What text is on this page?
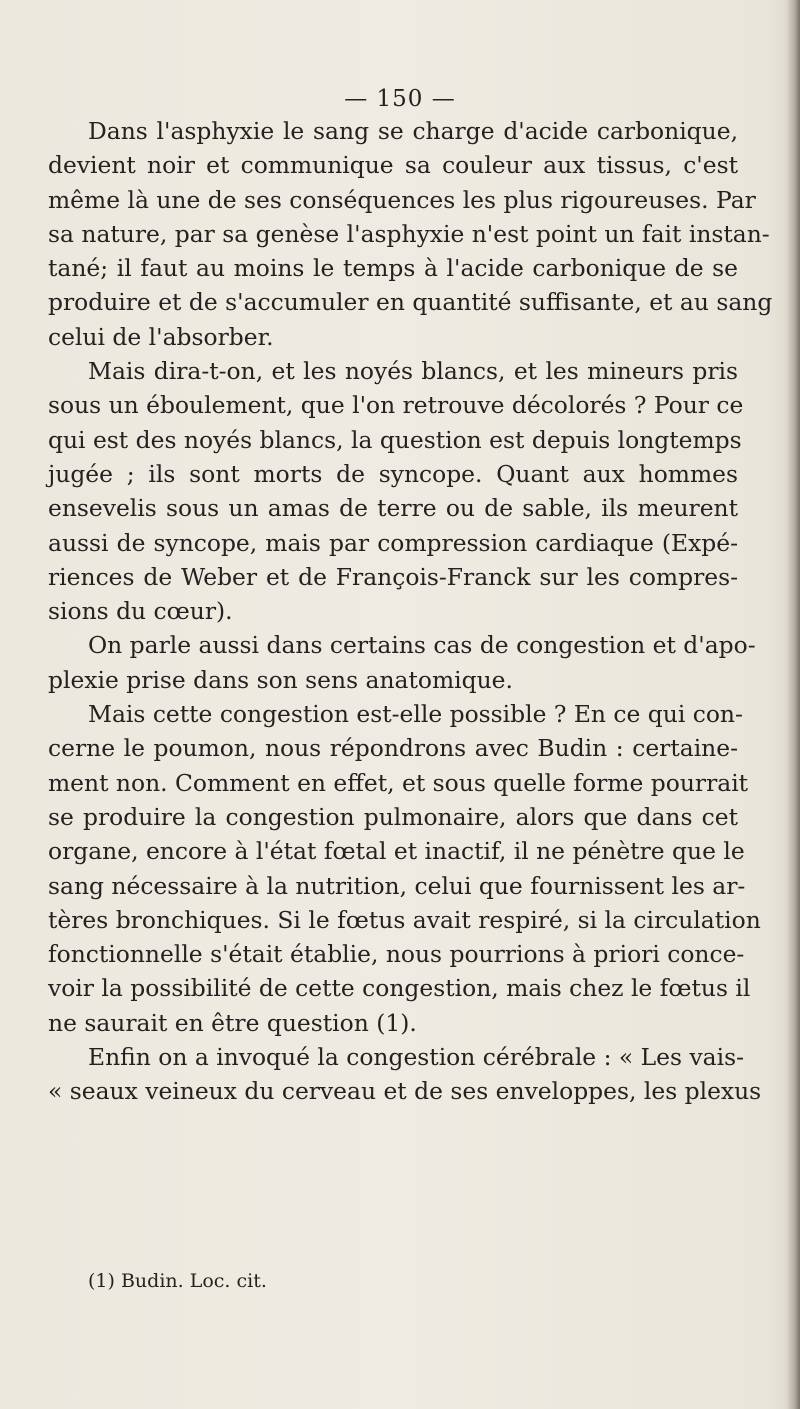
— 150 —
Dans l'asphyxie le sang se charge d'acide carbonique,
devient noir et communique sa couleur aux tissus, c'est
même là une de ses conséquences les plus rigoureuses. Par
sa nature, par sa genèse l'asphyxie n'est point un fait instan-
tané; il faut au moins le temps à l'acide carbonique de se
produire et de s'accumuler en quantité suffisante, et au sang
celui de l'absorber.
Mais dira-t-on, et les noyés blancs, et les mineurs pris
sous un éboulement, que l'on retrouve décolorés ? Pour ce
qui est des noyés blancs, la question est depuis longtemps
jugée ; ils sont morts de syncope. Quant aux hommes
ensevelis sous un amas de terre ou de sable, ils meurent
aussi de syncope, mais par compression cardiaque (Expé-
riences de Weber et de François-Franck sur les compres-
sions du cœur).
On parle aussi dans certains cas de congestion et d'apo-
plexie prise dans son sens anatomique.
Mais cette congestion est-elle possible ? En ce qui con-
cerne le poumon, nous répondrons avec Budin : certaine-
ment non. Comment en effet, et sous quelle forme pourrait
se produire la congestion pulmonaire, alors que dans cet
organe, encore à l'état fœtal et inactif, il ne pénètre que le
sang nécessaire à la nutrition, celui que fournissent les ar-
tères bronchiques. Si le fœtus avait respiré, si la circulation
fonctionnelle s'était établie, nous pourrions à priori conce-
voir la possibilité de cette congestion, mais chez le fœtus il
ne saurait en être question (1).
Enfin on a invoqué la congestion cérébrale : « Les vais-
« seaux veineux du cerveau et de ses enveloppes, les plexus
(1) Budin. Loc. cit.
